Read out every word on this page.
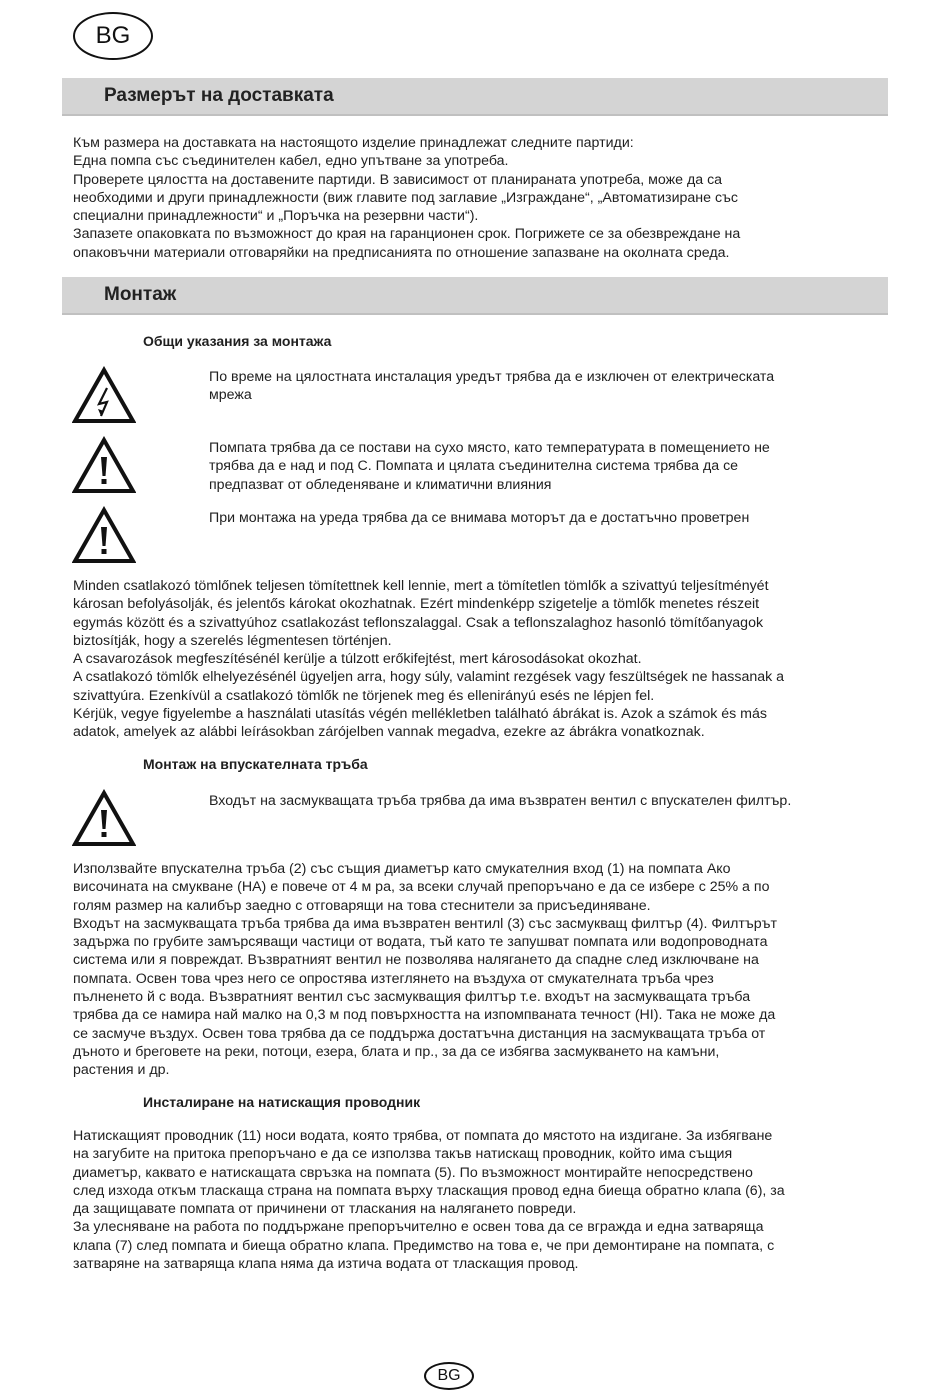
BG
Размерът на доставката

Към размера на доставката на настоящото изделие принадлежат следните партиди:
Една помпа със съединителен кабел, едно упътване за употреба.
Проверете цялостта на доставените партиди. В зависимост от планираната употреба, може да са
необходими и други принадлежности (виж главите под заглавие „Изграждане“, „Автоматизиране със
специални принадлежности“ и „Поръчка на резервни части“).
Запазете опаковката по възможност до края на гаранционен срок. Погрижете се за обезвреждане на
опаковъчни материали отговаряйки на предписанията по отношение запазване на околната среда.

Монтаж
Общи указания за монтажа

По време на цялостната инсталация уредът трябва да е изключен от електрическата
мрежа

Помпата трябва да се постави на сухо място, като температурата в помещението не
трябва да е над и под С. Помпата и цялата съединителна система трябва да се
предпазват от обледеняване и климатични влияния

При монтажа на уреда трябва да се внимава моторът да е достатъчно проветрен

Minden csatlakozó tömlőnek teljesen tömítettnek kell lennie, mert a tömítetlen tömlők a szivattyú teljesítményét
károsan befolyásolják, és jelentős károkat okozhatnak. Ezért mindenképp szigetelje a tömlők menetes részeit
egymás között és a szivattyúhoz csatlakozást teflonszalaggal. Csak a teflonszalaghoz hasonló tömítőanyagok
biztosítják, hogy a szerelés légmentesen történjen.
A csavarozások megfeszítésénél kerülje a túlzott erőkifejtést, mert károsodásokat okozhat.
A csatlakozó tömlők elhelyezésénél ügyeljen arra, hogy súly, valamint rezgések vagy feszültségek ne hassanak a
szivattyúra. Ezenkívül a csatlakozó tömlők ne törjenek meg és ellenirányú esés ne lépjen fel.
Kérjük, vegye figyelembe a használati utasítás végén mellékletben található ábrákat is. Azok a számok és más
adatok, amelyek az alábbi leírásokban zárójelben vannak megadva, ezekre az ábrákra vonatkoznak.

Монтаж на впускателната тръба

Входът на засмукващата тръба трябва да има възвратен вентил с впускателен филтър.

Използвайте впускателна тръба (2) със същия диаметър като смукателния вход (1) на помпата Ако
височината на смукване (НА) е повече от 4 м ра, за всеки случай препоръчано е да се избере с 25% а по
голям размер на калибър заедно с отговарящи на това стеснители за присъединяване.
Входът на засмукващата тръба трябва да има възвратен вентилl (3) със засмукващ филтър (4). Филтърът
задържа по грубите замърсяващи частици от водата, тъй като те запушват помпата или водопроводната
система или я повреждат. Възвратният вентил не позволява наляганeто да спадне след изключване на
помпата. Освен това чрез него се опростява изтеглянето на въздуха от смукателната тръба чрез
пълненето й с вода. Възвратният вентил със засмукващия филтър т.е. входът на засмукващата тръба
трябва да се намира най малко на 0,3 м под повърхността на изпомпваната течност (HI). Така не може да
се засмуче въздух. Освен това трябва да се поддържа достатъчна дистанция на засмукващата тръба от
дъното и бреговете на реки, потоци, езера, блата и пр., за да се избягва засмукването на камъни,
растения и др.

Инсталиране на натискащия проводник

Натискащият проводник (11) носи водата, която трябва, от помпата до мястото на издигане. За избягване
на загубите на притока препоръчано е да се използва такъв натискащ проводник, който има същия
диаметър, каквато е натискащата свръзка на помпата (5). По възможност монтирайте непосредствено
след изхода откъм тласкаща страна на помпата върху тласкащия провод една биеща обратно клапа (6), за
да защищавате помпата от причинени от тласкания на налягането повреди.
За улесняване на работа по поддържане препоръчително е освен това да се вгражда и една затваряща
клапа (7) след помпата и биеща обратно клапа. Предимство на това е, че при демонтиране на помпата, с
затваряне на затваряща клапа няма да изтича водата от тласкащия провод.

BG
